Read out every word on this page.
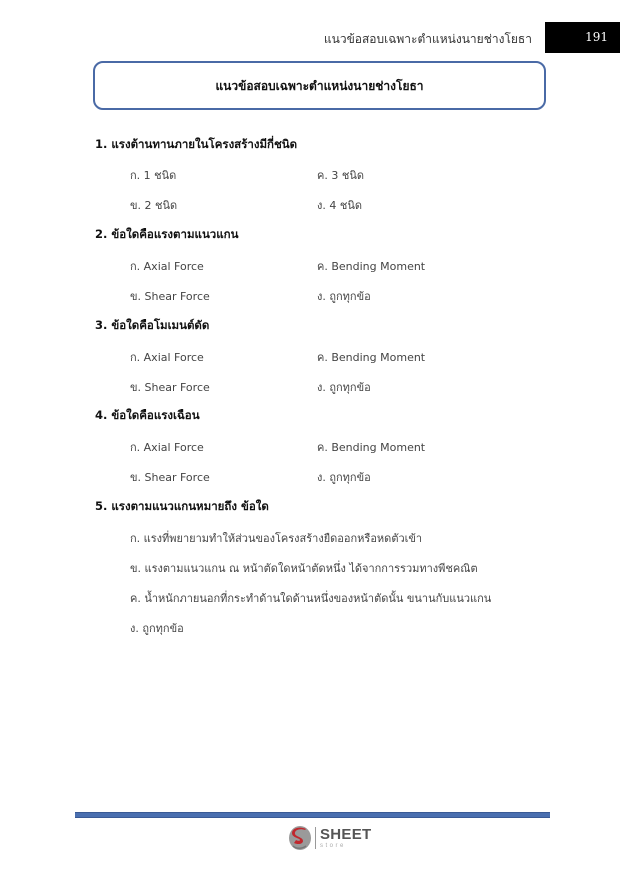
แนวข้อสอบเฉพาะตำแหน่งนายช่างโยธา	191
แนวข้อสอบเฉพาะตำแหน่งนายช่างโยธา
1. แรงต้านทานภายในโครงสร้างมีกี่ชนิด
ก. 1 ชนิด
ข. 2 ชนิด
ค. 3 ชนิด
ง. 4 ชนิด
2. ข้อใดคือแรงตามแนวแกน
ก. Axial Force
ข. Shear Force
ค. Bending Moment
ง. ถูกทุกข้อ
3. ข้อใดคือโมเมนต์ดัด
ก. Axial Force
ข. Shear Force
ค. Bending Moment
ง. ถูกทุกข้อ
4. ข้อใดคือแรงเฉือน
ก. Axial Force
ข. Shear Force
ค. Bending Moment
ง. ถูกทุกข้อ
5. แรงตามแนวแกนหมายถึง ข้อใด
ก. แรงที่พยายามทำให้ส่วนของโครงสร้างยืดออกหรือหดตัวเข้า
ข. แรงตามแนวแกน ณ หน้าตัดใดหน้าตัดหนึ่ง ได้จากการรวมทางพีชคณิต
ค. น้ำหนักภายนอกที่กระทำด้านใดด้านหนึ่งของหน้าตัดนั้น ขนานกับแนวแกน
ง. ถูกทุกข้อ
SHEET
store
